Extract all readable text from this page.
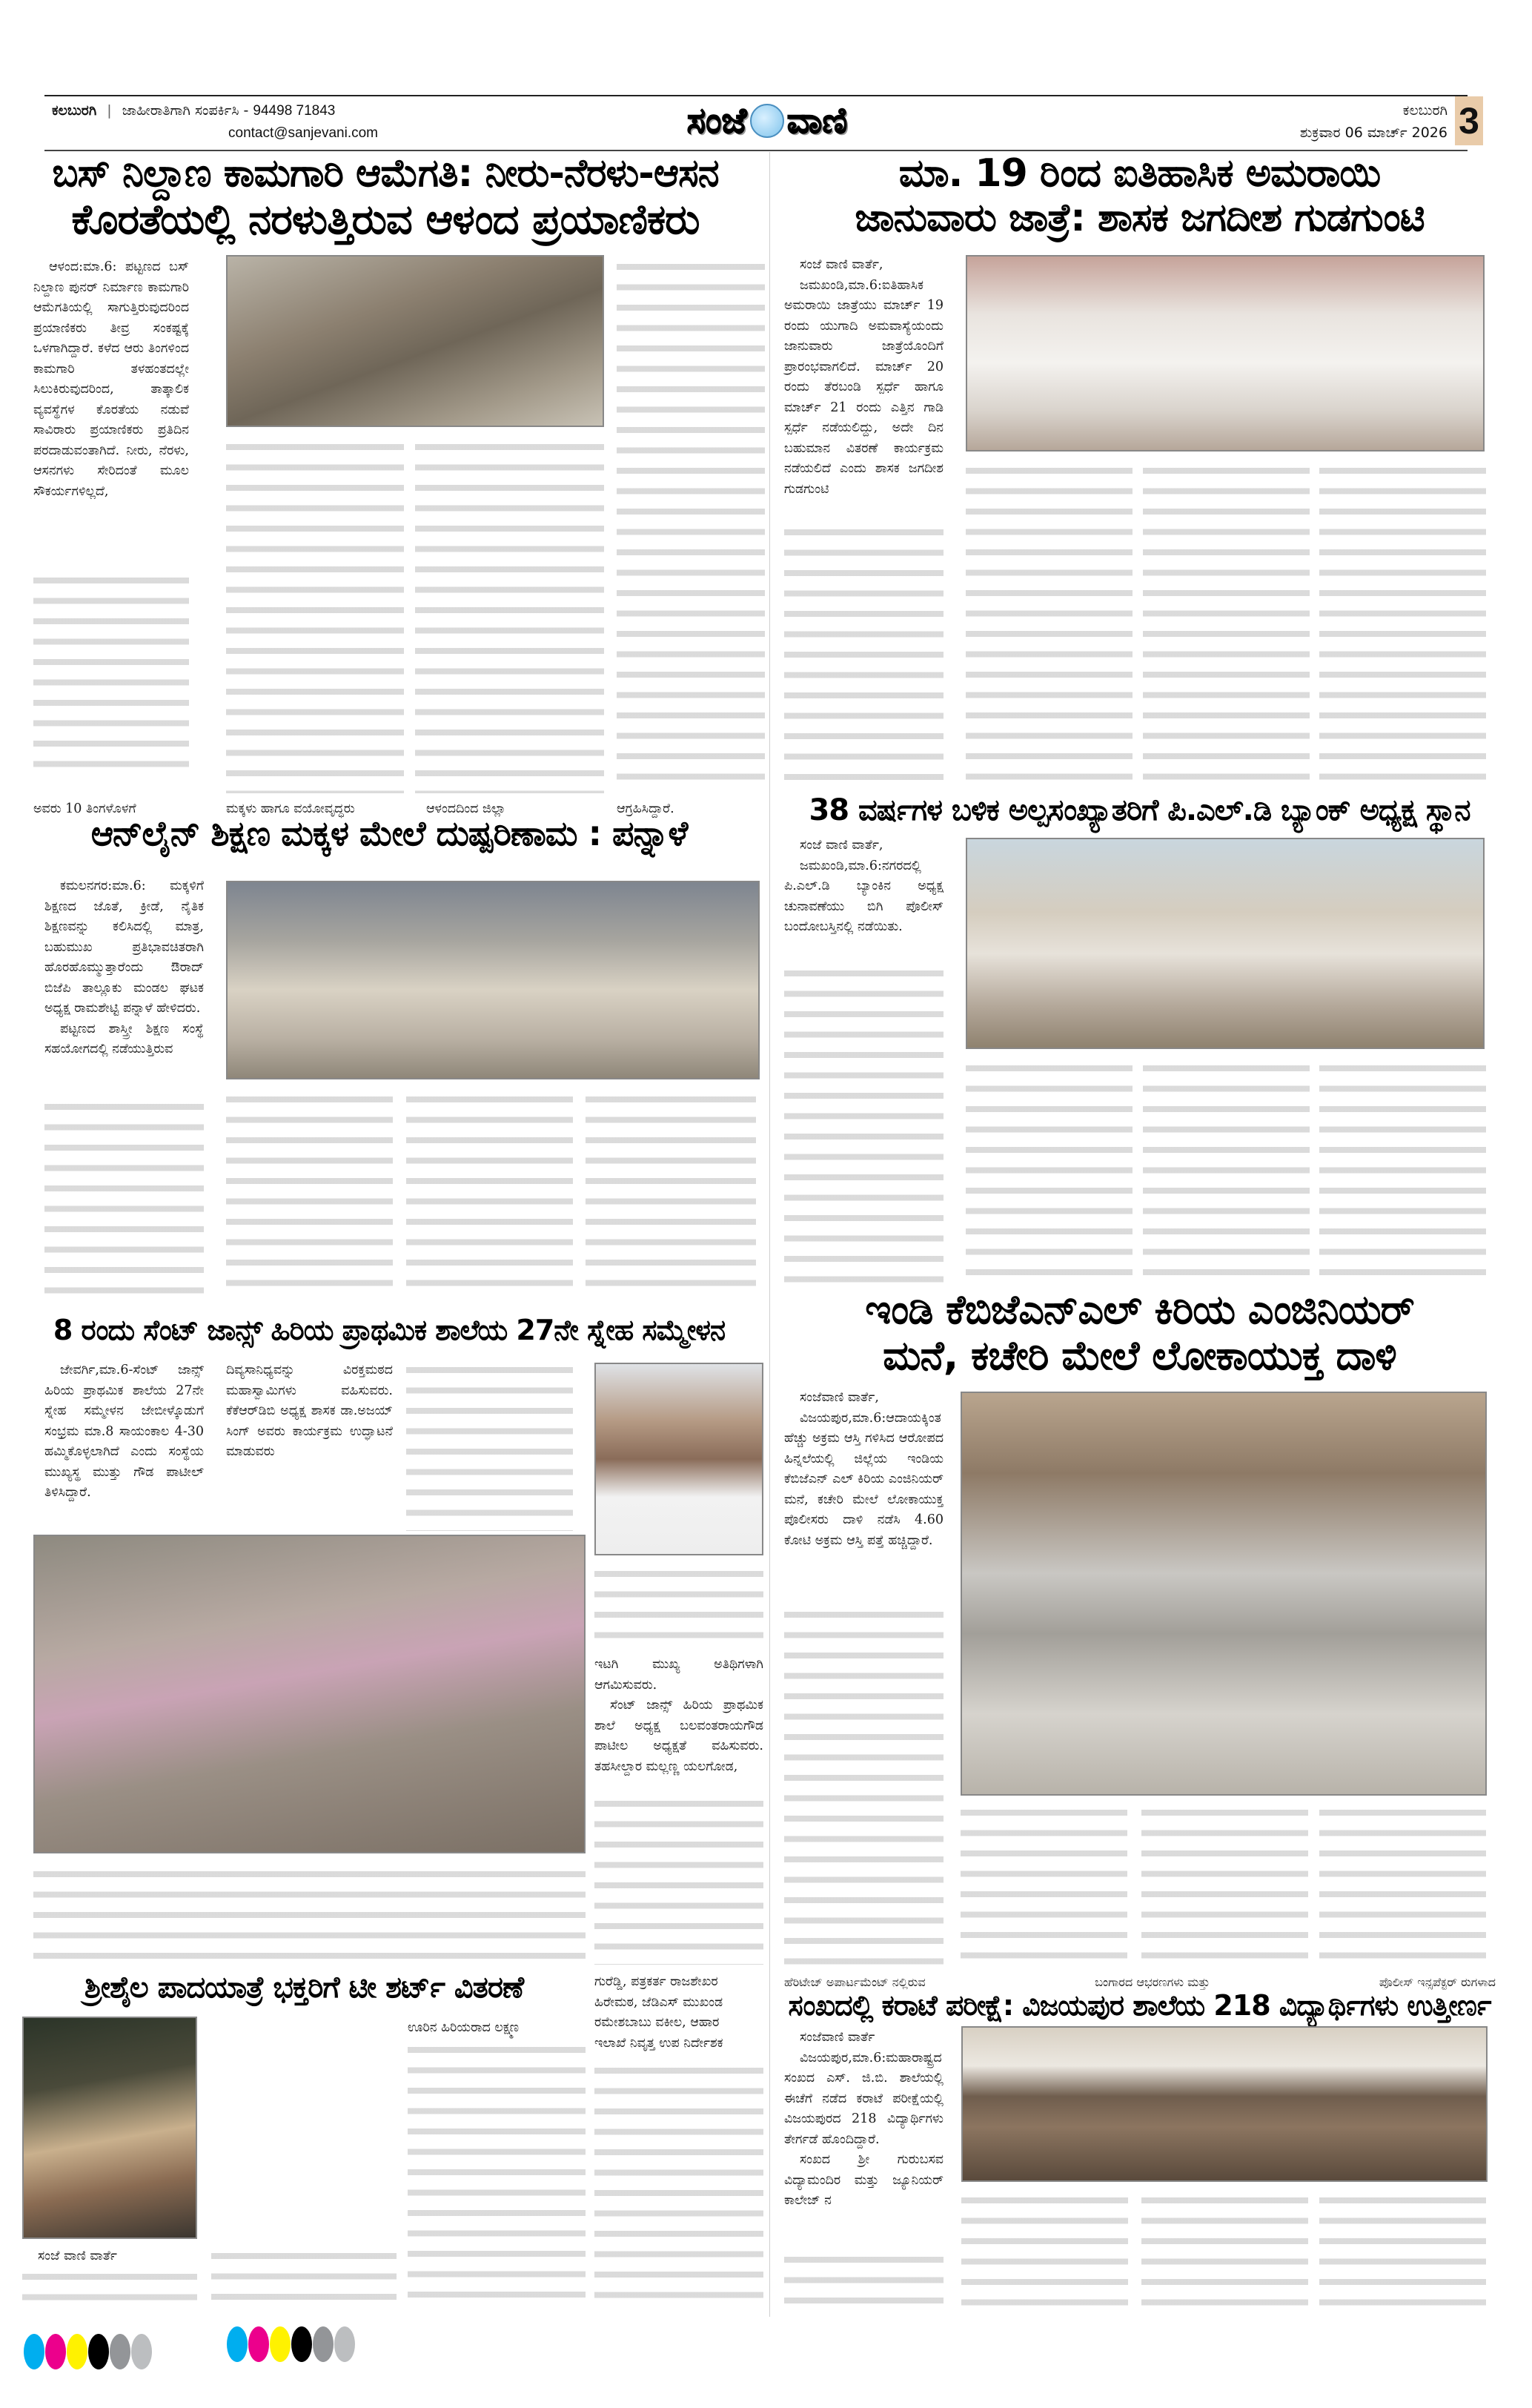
ಕಲಬುರಗಿ | ಜಾಹೀರಾತಿಗಾಗಿ ಸಂಪರ್ಕಿಸಿ - 94498 71843
contact@sanjevani.com	ಸಂಜೆ ವಾಣಿ	ಕಲಬುರಗಿ
ಶುಕ್ರವಾರ 06 ಮಾರ್ಚ್ 2026 3
ಬಸ್ ನಿಲ್ದಾಣ ಕಾಮಗಾರಿ ಆಮೆಗತಿ: ನೀರು-ನೆರಳು-ಆಸನ
ಕೊರತೆಯಲ್ಲಿ ನರಳುತ್ತಿರುವ ಆಳಂದ ಪ್ರಯಾಣಿಕರು

ಆಳಂದ:ಮಾ.6: ಪಟ್ಟಣದ ಬಸ್ ನಿಲ್ದಾಣ ಪುನರ್ ನಿರ್ಮಾಣ ಕಾಮಗಾರಿ ಆಮೆಗತಿಯಲ್ಲಿ ಸಾಗುತ್ತಿರುವುದರಿಂದ ಪ್ರಯಾಣಿಕರು ತೀವ್ರ ಸಂಕಷ್ಟಕ್ಕೆ ಒಳಗಾಗಿದ್ದಾರೆ. ಕಳೆದ ಆರು ತಿಂಗಳಿಂದ ಕಾಮಗಾರಿ ತಳಹಂತದಲ್ಲೇ ಸಿಲುಕಿರುವುದರಿಂದ, ತಾತ್ಕಾಲಿಕ ವ್ಯವಸ್ಥೆಗಳ ಕೊರತೆಯ ನಡುವೆ ಸಾವಿರಾರು ಪ್ರಯಾಣಿಕರು ಪ್ರತಿದಿನ ಪರದಾಡುವಂತಾಗಿದೆ. ನೀರು, ನೆರಳು, ಆಸನಗಳು ಸೇರಿದಂತೆ ಮೂಲ ಸೌಕರ್ಯಗಳಿಲ್ಲದೆ,

ಅವರು 10 ತಿಂಗಳೊಳಗೆ	ಮಕ್ಕಳು ಹಾಗೂ ವಯೋವೃದ್ಧರು	ಆಳಂದದಿಂದ ಜಿಲ್ಲಾ	ಆಗ್ರಹಿಸಿದ್ದಾರೆ.
ಮಾ. 19 ರಿಂದ ಐತಿಹಾಸಿಕ ಅಮರಾಯಿ
ಜಾನುವಾರು ಜಾತ್ರೆ: ಶಾಸಕ ಜಗದೀಶ ಗುಡಗುಂಟಿ

ಸಂಜೆ ವಾಣಿ ವಾರ್ತೆ,

ಜಮಖಂಡಿ,ಮಾ.6:ಐತಿಹಾಸಿಕ ಅಮರಾಯಿ ಜಾತ್ರೆಯು ಮಾರ್ಚ್ 19 ರಂದು ಯುಗಾದಿ ಅಮವಾಸ್ಯೆಯಂದು ಜಾನುವಾರು ಜಾತ್ರೆಯೊಂದಿಗೆ ಪ್ರಾರಂಭವಾಗಲಿದೆ. ಮಾರ್ಚ್ 20 ರಂದು ತೆರಬಂಡಿ ಸ್ಪರ್ಧೆ ಹಾಗೂ ಮಾರ್ಚ್ 21 ರಂದು ಎತ್ತಿನ ಗಾಡಿ ಸ್ಪರ್ಧೆ ನಡೆಯಲಿದ್ದು, ಅದೇ ದಿನ ಬಹುಮಾನ ವಿತರಣೆ ಕಾರ್ಯಕ್ರಮ ನಡೆಯಲಿದೆ ಎಂದು ಶಾಸಕ ಜಗದೀಶ ಗುಡಗುಂಟಿ

ಆನ್‌ಲೈನ್ ಶಿಕ್ಷಣ ಮಕ್ಕಳ ಮೇಲೆ ದುಷ್ಪರಿಣಾಮ : ಪನ್ನಾಳೆ

ಕಮಲನಗರ:ಮಾ.6: ಮಕ್ಕಳಿಗೆ ಶಿಕ್ಷಣದ ಜೊತೆ, ಕ್ರೀಡೆ, ನೈತಿಕ ಶಿಕ್ಷಣವನ್ನು ಕಲಿಸಿದಲ್ಲಿ ಮಾತ್ರ, ಬಹುಮುಖ ಪ್ರತಿಭಾವಚಿತರಾಗಿ ಹೊರಹೊಮ್ಮುತ್ತಾರೆಂದು ಔರಾದ್ ಬಿಜೆಪಿ ತಾಲ್ಲೂಕು ಮಂಡಲ ಘಟಕ ಅಧ್ಯಕ್ಷ ರಾಮಶೇಟ್ಟಿ ಪನ್ನಾಳೆ ಹೇಳಿದರು.

ಪಟ್ಟಣದ ಶಾಸ್ತ್ರೀ ಶಿಕ್ಷಣ ಸಂಸ್ಥೆ ಸಹಯೋಗದಲ್ಲಿ ನಡೆಯುತ್ತಿರುವ

38 ವರ್ಷಗಳ ಬಳಿಕ ಅಲ್ಪಸಂಖ್ಯಾತರಿಗೆ ಪಿ.ಎಲ್.ಡಿ ಬ್ಯಾಂಕ್ ಅಧ್ಯಕ್ಷ ಸ್ಥಾನ

ಸಂಜೆ ವಾಣಿ ವಾರ್ತೆ,

ಜಮಖಂಡಿ,ಮಾ.6:ನಗರದಲ್ಲಿ ಪಿ.ಎಲ್.ಡಿ ಬ್ಯಾಂಕಿನ ಅಧ್ಯಕ್ಷ ಚುನಾವಣೆಯು ಬಿಗಿ ಪೊಲೀಸ್ ಬಂದೋಬಸ್ತಿನಲ್ಲಿ ನಡೆಯಿತು.

8 ರಂದು ಸೆಂಟ್ ಜಾನ್ಸ್ ಹಿರಿಯ ಪ್ರಾಥಮಿಕ ಶಾಲೆಯ 27ನೇ ಸ್ನೇಹ ಸಮ್ಮೇಳನ

ಜೇವರ್ಗಿ,ಮಾ.6-ಸೆಂಟ್ ಜಾನ್ಸ್ ಹಿರಿಯ ಪ್ರಾಥಮಿಕ ಶಾಲೆಯ 27ನೇ ಸ್ನೇಹ ಸಮ್ಮೇಳನ ಜೇಬೀಳ್ಕೊಡುಗೆ ಸಂಭ್ರಮ ಮಾ.8 ಸಾಯಂಕಾಲ 4-30 ಹಮ್ಮಿಕೊಳ್ಳಲಾಗಿದೆ ಎಂದು ಸಂಸ್ಥೆಯ ಮುಖ್ಯಸ್ಥ ಮುತ್ತು ಗೌಡ ಪಾಟೀಲ್ ತಿಳಿಸಿದ್ದಾರೆ.

ದಿವ್ಯಸಾನಿಧ್ಯವನ್ನು ವಿರಕ್ತಮಠದ ಮಹಾಸ್ವಾಮಿಗಳು ವಹಿಸುವರು. ಕೆಕೆಆರ್‌ಡಿಬಿ ಅಧ್ಯಕ್ಷ ಶಾಸಕ ಡಾ.ಅಜಯ್ ಸಿಂಗ್ ಅವರು ಕಾರ್ಯಕ್ರಮ ಉದ್ಘಾಟನೆ ಮಾಡುವರು

ಇಟಗಿ ಮುಖ್ಯ ಅತಿಥಿಗಳಾಗಿ ಆಗಮಿಸುವರು.

ಸೆಂಟ್ ಜಾನ್ಸ್ ಹಿರಿಯ ಪ್ರಾಥಮಿಕ ಶಾಲೆ ಅಧ್ಯಕ್ಷ ಬಲವಂತರಾಯಗೌಡ ಪಾಟೀಲ ಅಧ್ಯಕ್ಷತೆ ವಹಿಸುವರು. ತಹಸೀಲ್ದಾರ ಮಲ್ಲಣ್ಣ ಯಲಗೋಡ,

ಇಂಡಿ ಕೆಬಿಜೆಎನ್‌ಎಲ್ ಕಿರಿಯ ಎಂಜಿನಿಯರ್
ಮನೆ, ಕಚೇರಿ ಮೇಲೆ ಲೋಕಾಯುಕ್ತ ದಾಳಿ

ಸಂಜೆವಾಣಿ ವಾರ್ತೆ,

ವಿಜಯಪುರ,ಮಾ.6:ಆದಾಯಕ್ಕಿಂತ ಹೆಚ್ಚು ಅಕ್ರಮ ಆಸ್ತಿ ಗಳಿಸಿದ ಆರೋಪದ ಹಿನ್ನಲೆಯಲ್ಲಿ ಜಿಲ್ಲೆಯ ಇಂಡಿಯ ಕೆಬಿಜೆಎನ್ ಎಲ್ ಕಿರಿಯ ಎಂಜಿನಿಯರ್ ಮನೆ, ಕಚೇರಿ ಮೇಲೆ ಲೋಕಾಯುಕ್ತ ಪೊಲೀಸರು ದಾಳಿ ನಡೆಸಿ 4.60 ಕೋಟಿ ಅಕ್ರಮ ಆಸ್ತಿ ಪತ್ತೆ ಹಚ್ಚಿದ್ದಾರೆ.

ಶ್ರೀಶೈಲ ಪಾದಯಾತ್ರೆ ಭಕ್ತರಿಗೆ ಟೀ ಶರ್ಟ್ ವಿತರಣೆ	ಗುರೆಡ್ಡಿ, ಪತ್ರಕರ್ತ ರಾಜಶೇಖರ
ಹಿರೇಮಠ, ಜೆಡಿಎಸ್ ಮುಖಂಡ
ರಮೇಶಬಾಬು ವಕೀಲ, ಆಹಾರ
ಇಲಾಖೆ ನಿವೃತ್ತ ಉಪ ನಿರ್ದೇಶಕ

ಸಂಜೆ ವಾಣಿ ವಾರ್ತೆ

ಊರಿನ ಹಿರಿಯರಾದ ಲಕ್ಷ್ಮಣ

ಹೆರಿಟೇಜ್ ಅಪಾರ್ಟಮೆಂಟ್ ನಲ್ಲಿರುವ	ಬಂಗಾರದ ಆಭರಣಗಳು ಮತ್ತು	ಪೊಲೀಸ್ ಇನ್ಸಪೆಕ್ಟರ್ ರುಗಳಾದ
ಸಂಖದಲ್ಲಿ ಕರಾಟೆ ಪರೀಕ್ಷೆ: ವಿಜಯಪುರ ಶಾಲೆಯ 218 ವಿದ್ಯಾರ್ಥಿಗಳು ಉತ್ತೀರ್ಣ

ಸಂಜೆವಾಣಿ ವಾರ್ತೆ

ವಿಜಯಪುರ,ಮಾ.6:ಮಹಾರಾಷ್ಟ್ರದ ಸಂಖದ ಎಸ್. ಜಿ.ಬಿ. ಶಾಲೆಯಲ್ಲಿ ಈಚೆಗೆ ನಡೆದ ಕರಾಟೆ ಪರೀಕ್ಷೆಯಲ್ಲಿ ವಿಜಯಪುರದ 218 ವಿದ್ಯಾರ್ಥಿಗಳು ತೇರ್ಗಡೆ ಹೊಂದಿದ್ದಾರೆ.

ಸಂಖದ ಶ್ರೀ ಗುರುಬಸವ ವಿದ್ಯಾಮಂದಿರ ಮತ್ತು ಜ್ಯೂನಿಯರ್ ಕಾಲೇಜ್ ನ
